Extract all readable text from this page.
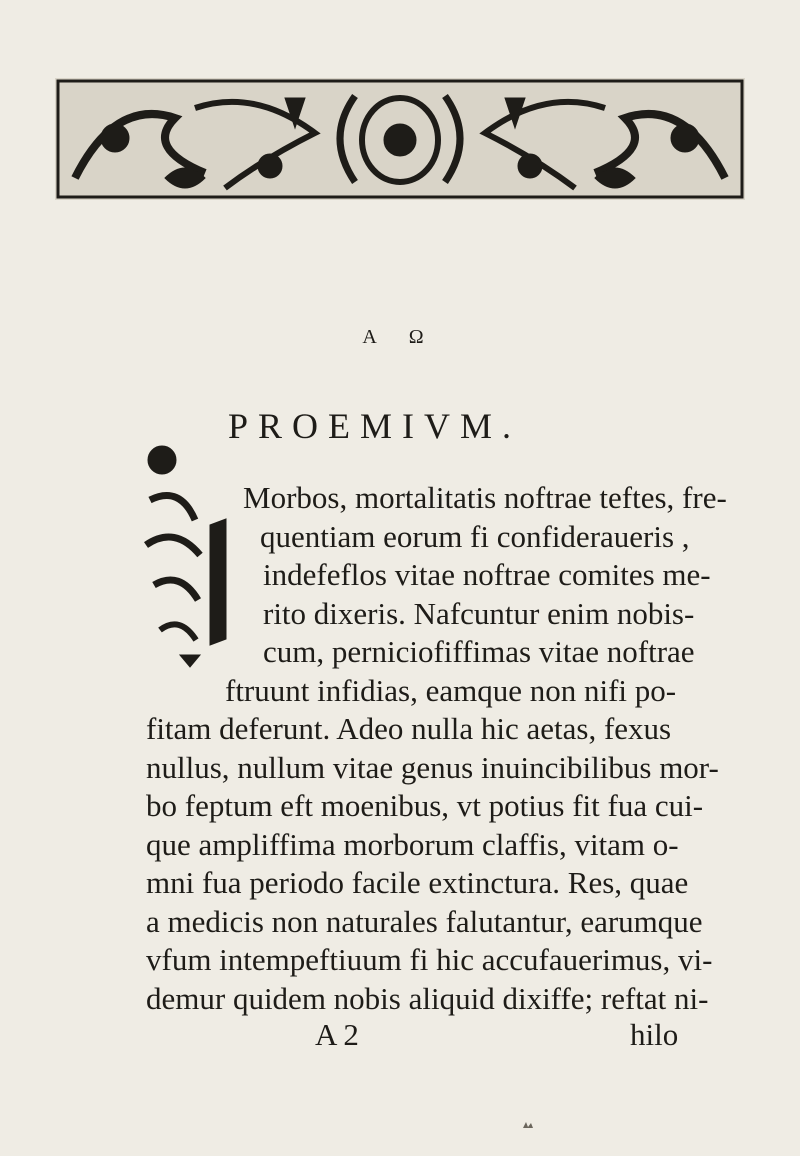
A Ω
PROEMIVM.
Morbos, mortalitatis noftrae teftes, fre-
quentiam eorum fi confideraueris ,
indefeflos vitae noftrae comites me-
rito dixeris. Nafcuntur enim nobis-
cum, perniciofiffimas vitae noftrae
ftruunt infidias, eamque non nifi po-
fitam deferunt. Adeo nulla hic aetas, fexus
nullus, nullum vitae genus inuincibilibus mor-
bo feptum eft moenibus, vt potius fit fua cui-
que ampliffima morborum claffis, vitam o-
mni fua periodo facile extinctura. Res, quae
a medicis non naturales falutantur, earumque
vfum intempeftiuum fi hic accufauerimus, vi-
demur quidem nobis aliquid dixiffe; reftat ni-
A 2	hilo
